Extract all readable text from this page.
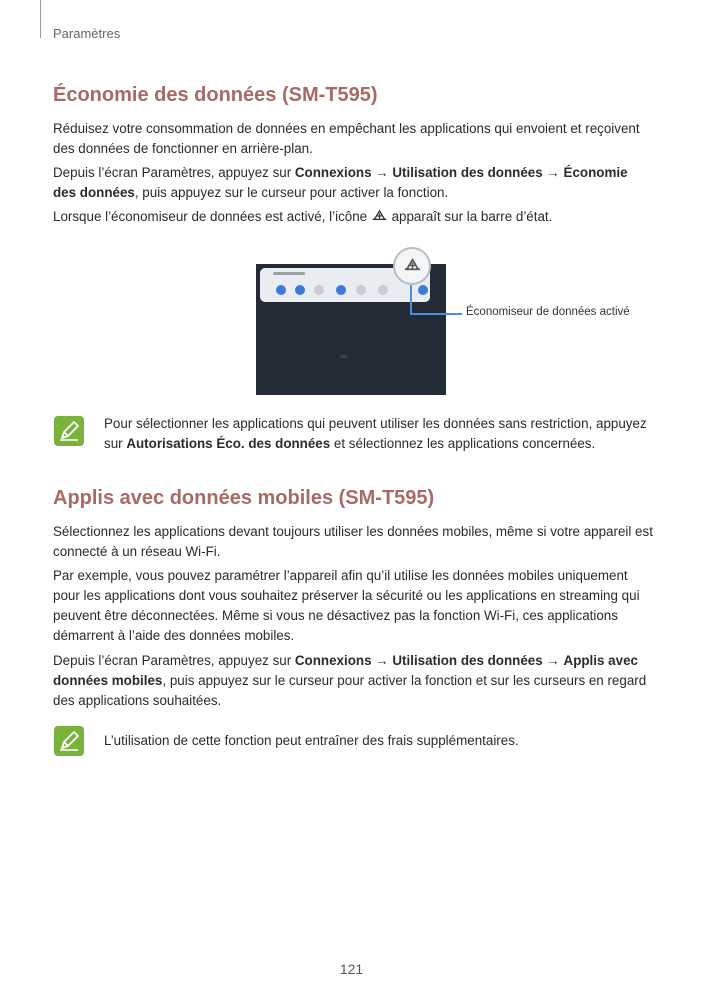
Paramètres
Économie des données (SM-T595)

Réduisez votre consommation de données en empêchant les applications qui envoient et reçoivent des données de fonctionner en arrière-plan.

Depuis l’écran Paramètres, appuyez sur Connexions → Utilisation des données → Économie des données, puis appuyez sur le curseur pour activer la fonction.

Lorsque l’économiseur de données est activé, l’icône  apparaît sur la barre d’état.

☁
Économiseur de données activé

Pour sélectionner les applications qui peuvent utiliser les données sans restriction, appuyez sur Autorisations Éco. des données et sélectionnez les applications concernées.

Applis avec données mobiles (SM-T595)

Sélectionnez les applications devant toujours utiliser les données mobiles, même si votre appareil est connecté à un réseau Wi-Fi.

Par exemple, vous pouvez paramétrer l’appareil afin qu’il utilise les données mobiles uniquement pour les applications dont vous souhaitez préserver la sécurité ou les applications en streaming qui peuvent être déconnectées. Même si vous ne désactivez pas la fonction Wi-Fi, ces applications démarrent à l’aide des données mobiles.

Depuis l’écran Paramètres, appuyez sur Connexions → Utilisation des données → Applis avec données mobiles, puis appuyez sur le curseur pour activer la fonction et sur les curseurs en regard des applications souhaitées.

L’utilisation de cette fonction peut entraîner des frais supplémentaires.

121
